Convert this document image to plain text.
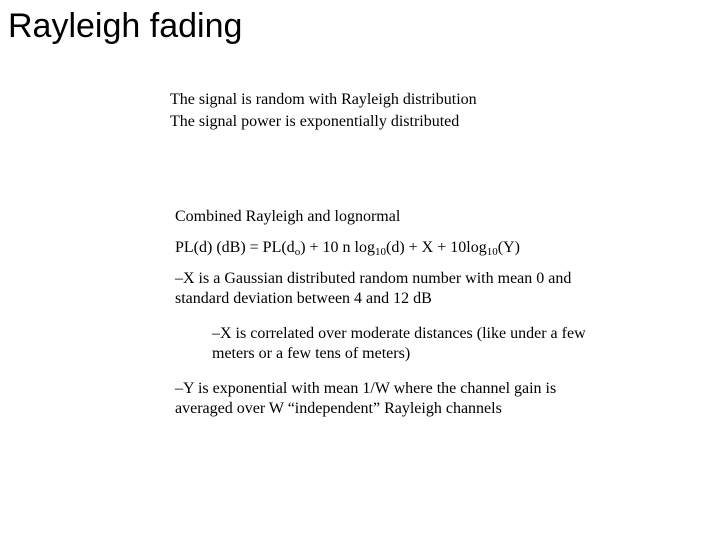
Rayleigh fading

The signal is random with Rayleigh distribution

The signal power is exponentially distributed

Combined Rayleigh and lognormal

PL(d) $(dB) = PL(d_o) + 10$ n $\log_{10}(d) + X + 10\log_{10}(Y)$

–X is a Gaussian distributed random number with mean 0 and standard deviation between 4 and 12 dB

–X is correlated over moderate distances (like under a few meters or a few tens of meters)

–Y is exponential with mean 1/W where the channel gain is averaged over W “independent” Rayleigh channels
